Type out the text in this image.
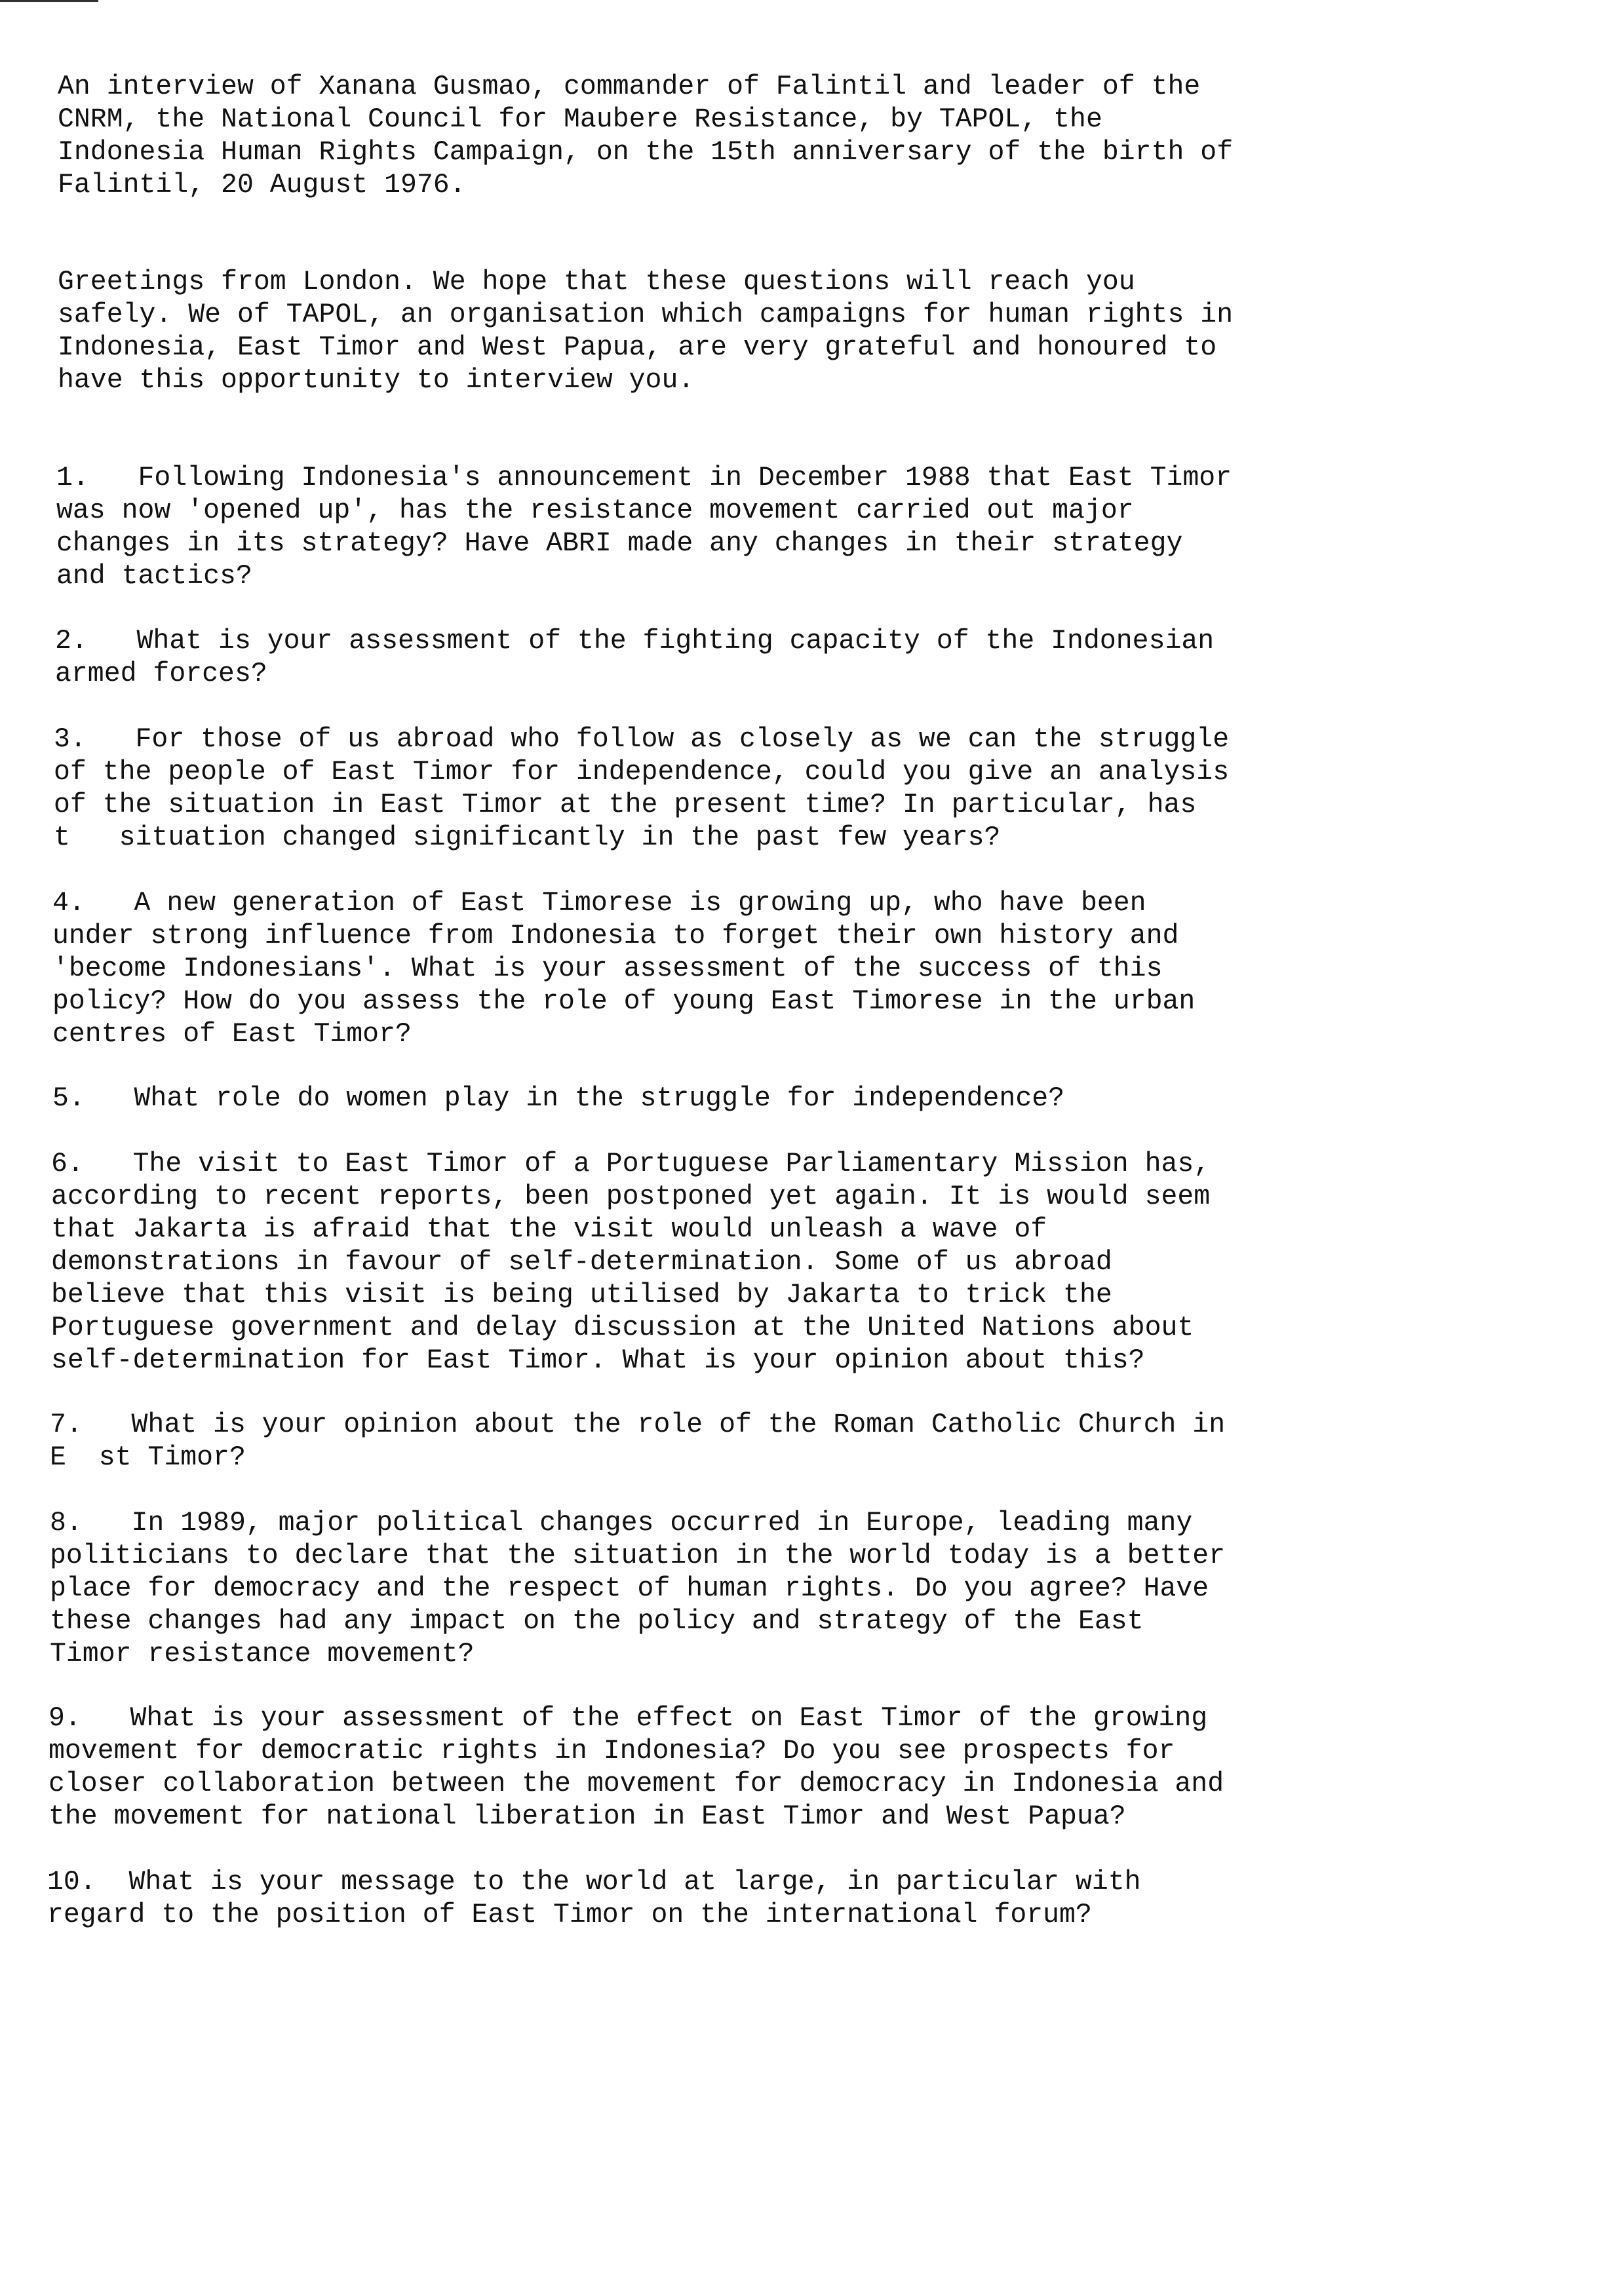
An interview of Xanana Gusmao, commander of Falintil and leader of the
CNRM, the National Council for Maubere Resistance, by TAPOL, the
Indonesia Human Rights Campaign, on the 15th anniversary of the birth of
Falintil, 20 August 1976.

Greetings from London. We hope that these questions will reach you
safely. We of TAPOL, an organisation which campaigns for human rights in
Indonesia, East Timor and West Papua, are very grateful and honoured to
have this opportunity to interview you.

1.   Following Indonesia's announcement in December 1988 that East Timor
was now 'opened up', has the resistance movement carried out major
changes in its strategy? Have ABRI made any changes in their strategy
and tactics?

2.   What is your assessment of the fighting capacity of the Indonesian
armed forces?

3.   For those of us abroad who follow as closely as we can the struggle
of the people of East Timor for independence, could you give an analysis
of the situation in East Timor at the present time? In particular, has
t   situation changed significantly in the past few years?

4.   A new generation of East Timorese is growing up, who have been
under strong influence from Indonesia to forget their own history and
'become Indonesians'. What is your assessment of the success of this
policy? How do you assess the role of young East Timorese in the urban
centres of East Timor?

5.   What role do women play in the struggle for independence?

6.   The visit to East Timor of a Portuguese Parliamentary Mission has,
according to recent reports, been postponed yet again. It is would seem
that Jakarta is afraid that the visit would unleash a wave of
demonstrations in favour of self-determination. Some of us abroad
believe that this visit is being utilised by Jakarta to trick the
Portuguese government and delay discussion at the United Nations about
self-determination for East Timor. What is your opinion about this?

7.   What is your opinion about the role of the Roman Catholic Church in
E  st Timor?

8.   In 1989, major political changes occurred in Europe, leading many
politicians to declare that the situation in the world today is a better
place for democracy and the respect of human rights. Do you agree? Have
these changes had any impact on the policy and strategy of the East
Timor resistance movement?

9.   What is your assessment of the effect on East Timor of the growing
movement for democratic rights in Indonesia? Do you see prospects for
closer collaboration between the movement for democracy in Indonesia and
the movement for national liberation in East Timor and West Papua?

10.  What is your message to the world at large, in particular with
regard to the position of East Timor on the international forum?
